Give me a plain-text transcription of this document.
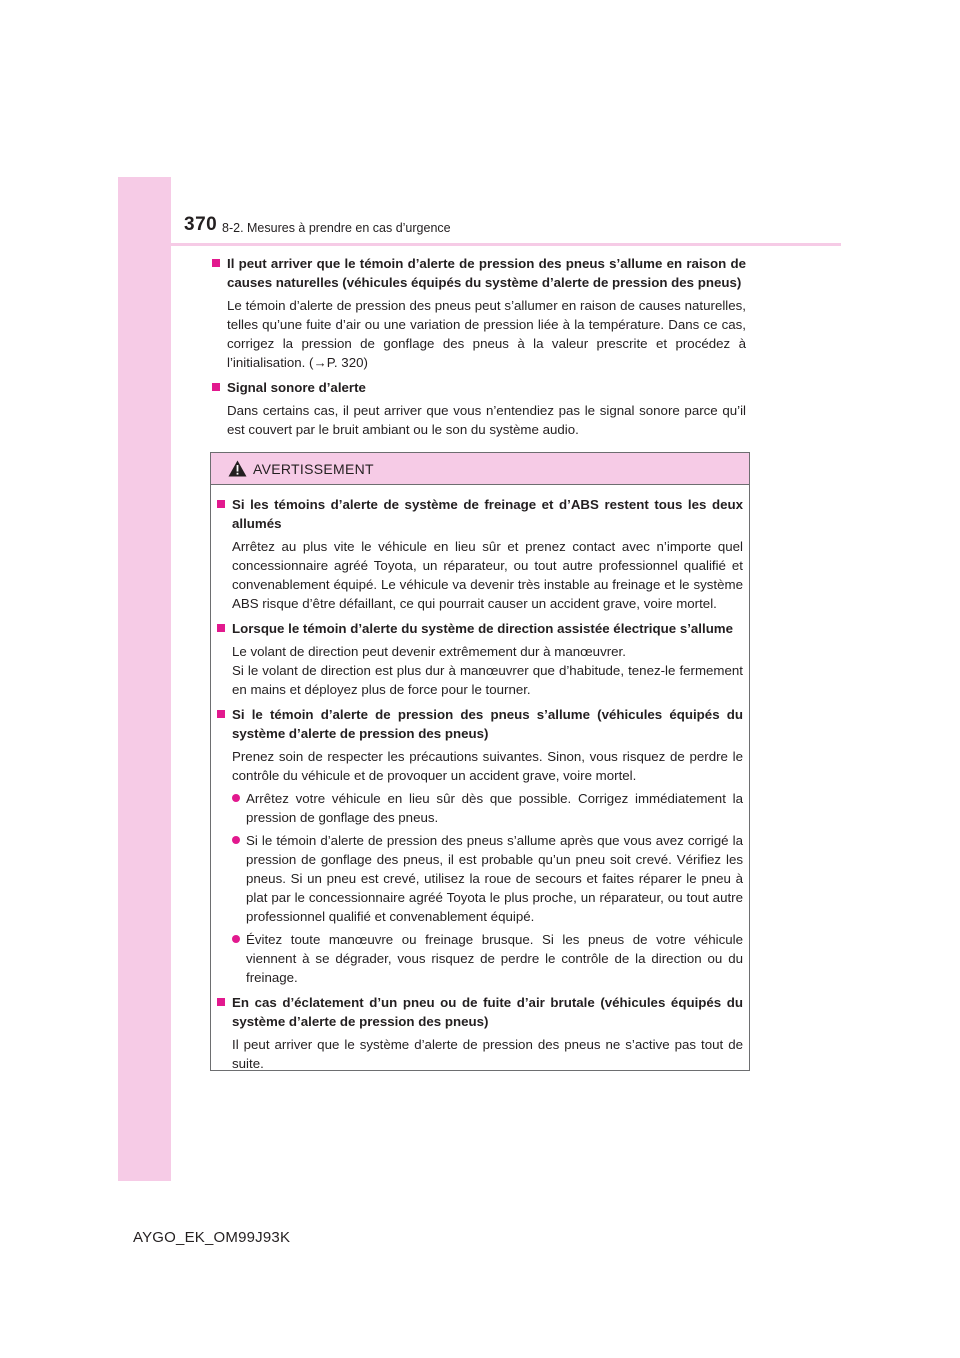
370 8-2. Mesures à prendre en cas d’urgence
Il peut arriver que le témoin d’alerte de pression des pneus s’allume en raison de causes naturelles (véhicules équipés du système d’alerte de pression des pneus)
Le témoin d’alerte de pression des pneus peut s’allumer en raison de causes naturelles, telles qu’une fuite d’air ou une variation de pression liée à la température. Dans ce cas, corrigez la pression de gonflage des pneus à la valeur prescrite et procédez à l’initialisation. (→P. 320)
Signal sonore d’alerte
Dans certains cas, il peut arriver que vous n’entendiez pas le signal sonore parce qu’il est couvert par le bruit ambiant ou le son du système audio.
AVERTISSEMENT
Si les témoins d’alerte de système de freinage et d’ABS restent tous les deux allumés
Arrêtez au plus vite le véhicule en lieu sûr et prenez contact avec n’importe quel concessionnaire agréé Toyota, un réparateur, ou tout autre professionnel qualifié et convenablement équipé. Le véhicule va devenir très instable au freinage et le système ABS risque d’être défaillant, ce qui pourrait causer un accident grave, voire mortel.
Lorsque le témoin d’alerte du système de direction assistée électrique s’allume
Le volant de direction peut devenir extrêmement dur à manœuvrer.
Si le volant de direction est plus dur à manœuvrer que d’habitude, tenez-le fermement en mains et déployez plus de force pour le tourner.
Si le témoin d’alerte de pression des pneus s’allume (véhicules équipés du système d’alerte de pression des pneus)
Prenez soin de respecter les précautions suivantes. Sinon, vous risquez de perdre le contrôle du véhicule et de provoquer un accident grave, voire mortel.
Arrêtez votre véhicule en lieu sûr dès que possible. Corrigez immédiatement la pression de gonflage des pneus.
Si le témoin d’alerte de pression des pneus s’allume après que vous avez corrigé la pression de gonflage des pneus, il est probable qu’un pneu soit crevé. Vérifiez les pneus. Si un pneu est crevé, utilisez la roue de secours et faites réparer le pneu à plat par le concessionnaire agréé Toyota le plus proche, un réparateur, ou tout autre professionnel qualifié et convenablement équipé.
Évitez toute manœuvre ou freinage brusque. Si les pneus de votre véhicule viennent à se dégrader, vous risquez de perdre le contrôle de la direction ou du freinage.
En cas d’éclatement d’un pneu ou de fuite d’air brutale (véhicules équipés du système d’alerte de pression des pneus)
Il peut arriver que le système d’alerte de pression des pneus ne s’active pas tout de suite.
AYGO_EK_OM99J93K
